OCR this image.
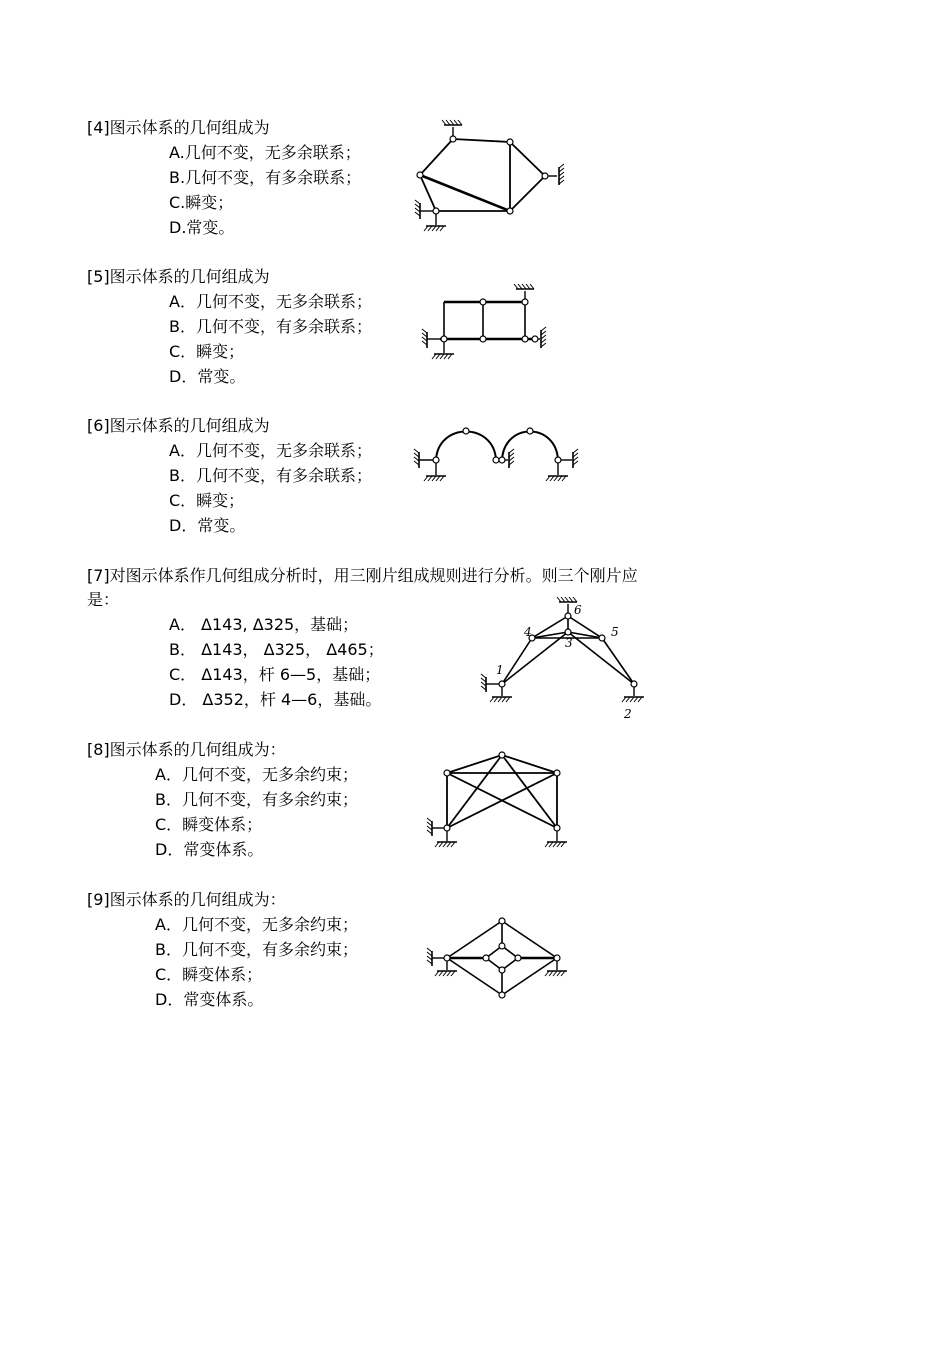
[4]图示体系的几何组成为
A.几何不变，无多余联系；
B.几何不变，有多余联系；
C.瞬变；
D.常变。
[5]图示体系的几何组成为
A．几何不变，无多余联系；
B．几何不变，有多余联系；
C．瞬变；
D．常变。
[6]图示体系的几何组成为
A．几何不变，无多余联系；
B．几何不变，有多余联系；
C．瞬变；
D．常变。
[7]对图示体系作几何组成分析时，用三刚片组成规则进行分析。则三个刚片应是：
A． Δ143, Δ325，基础；
B． Δ143， Δ325， Δ465；
C． Δ143，杆 6—5，基础；
D． Δ352，杆 4—6，基础。
1
2
3
4	5
6
[8]图示体系的几何组成为：
A．几何不变，无多余约束；
B．几何不变，有多余约束；
C．瞬变体系；
D．常变体系。
[9]图示体系的几何组成为：
A．几何不变，无多余约束；
B．几何不变，有多余约束；
C．瞬变体系；
D．常变体系。
